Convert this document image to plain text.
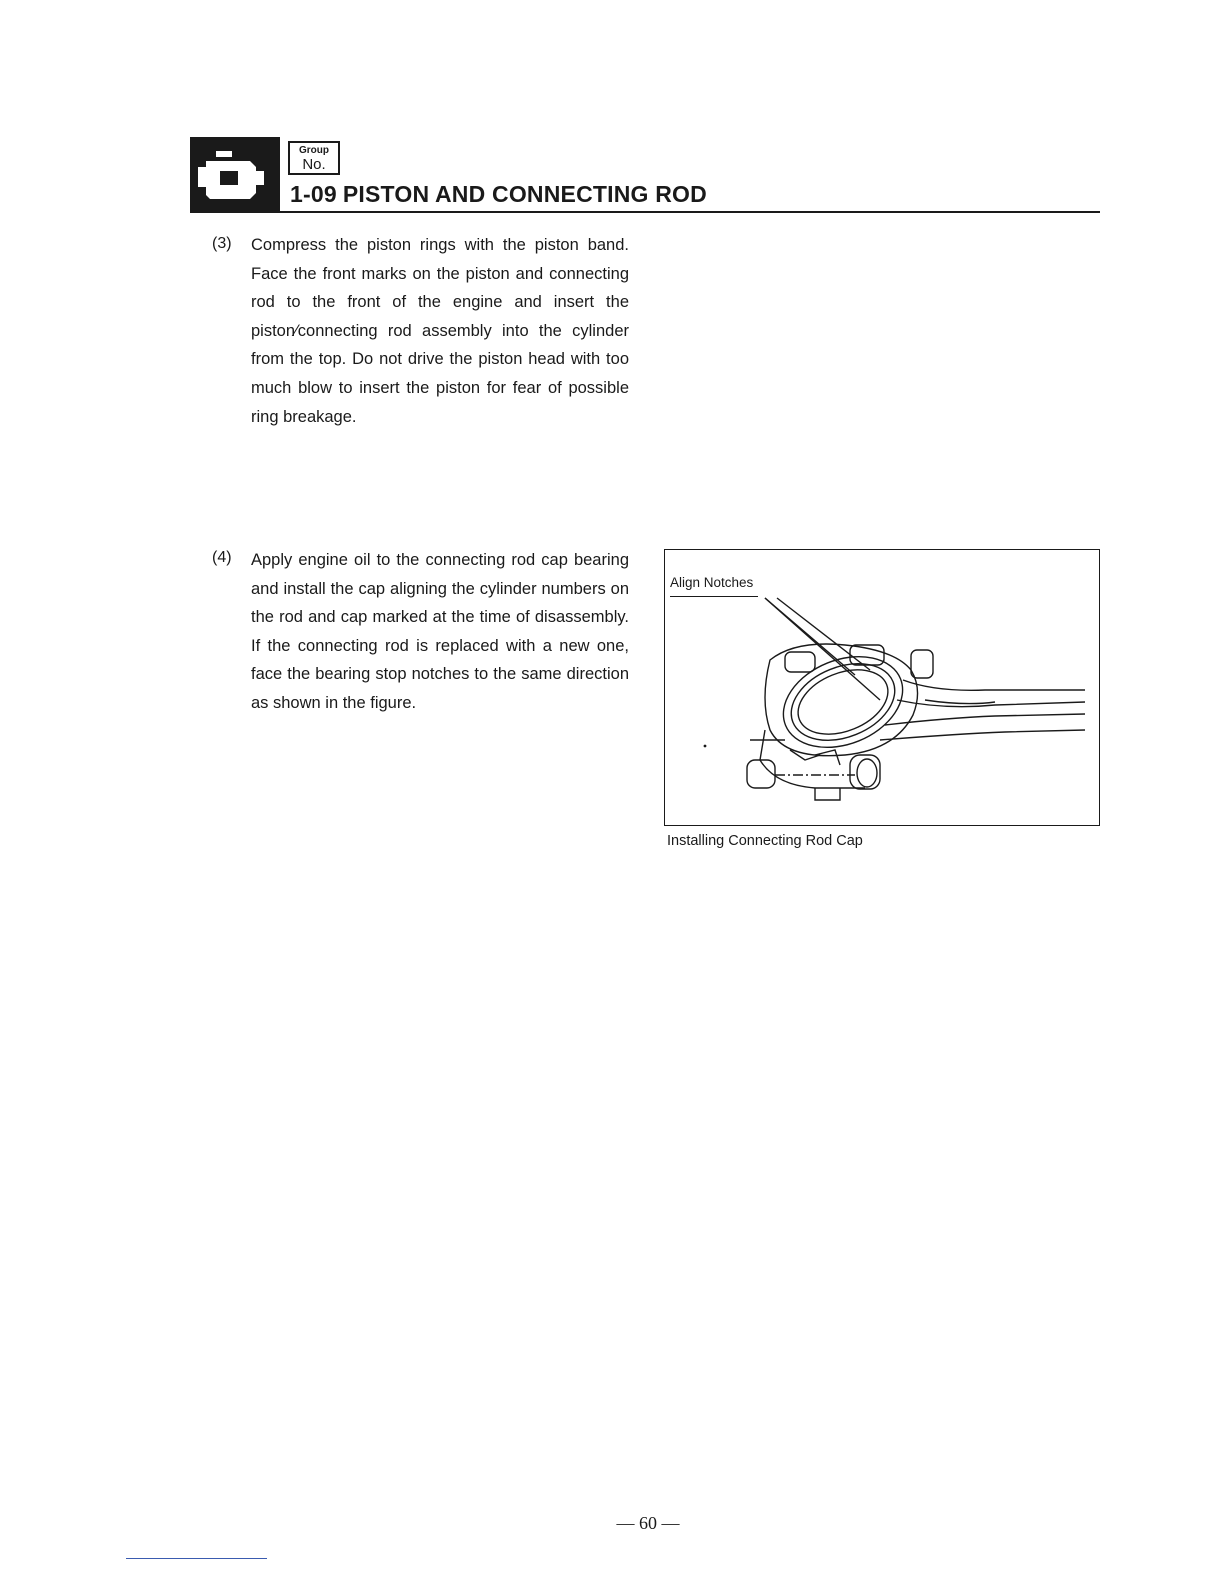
Group
No.
1-09 PISTON AND CONNECTING ROD
(3) Compress the piston rings with the piston band. Face the front marks on the piston and connecting rod to the front of the engine and insert the piston⁄connecting rod assembly into the cylinder from the top. Do not drive the piston head with too much blow to insert the piston for fear of possible ring breakage.
(4) Apply engine oil to the connecting rod cap bearing and install the cap aligning the cylinder numbers on the rod and cap marked at the time of disassembly. If the connecting rod is replaced with a new one, face the bearing stop notches to the same direction as shown in the figure.
Align Notches
Installing Connecting Rod Cap
— 60 —
